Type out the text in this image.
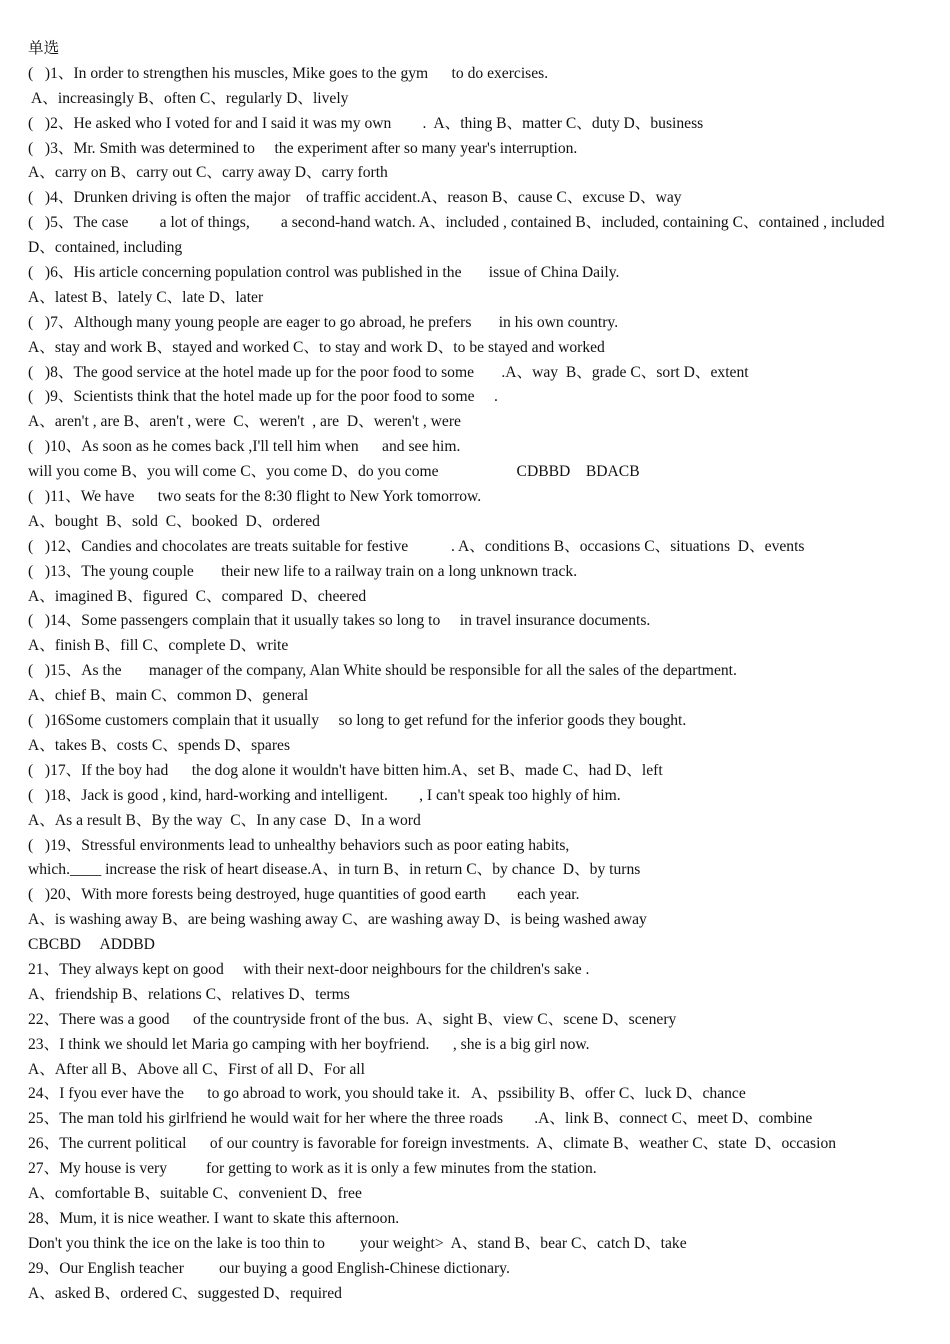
单选
(   )1、In order to strengthen his muscles, Mike goes to the gym      to do exercises.
A、increasingly B、often C、regularly D、lively
(   )2、He asked who I voted for and I said it was my own        .  A、thing B、matter C、duty D、business
(   )3、Mr. Smith was determined to     the experiment after so many year's interruption.
A、carry on B、carry out C、carry away D、carry forth
(   )4、Drunken driving is often the major    of traffic accident.A、reason B、cause C、excuse D、way
(   )5、The case        a lot of things,        a second-hand watch. A、included , contained B、included, containing C、contained , included
D、contained, including
(   )6、His article concerning population control was published in the       issue of China Daily.
A、latest B、lately C、late D、later
(   )7、Although many young people are eager to go abroad, he prefers       in his own country.
A、stay and work B、stayed and worked C、to stay and work D、to be stayed and worked
(   )8、The good service at the hotel made up for the poor food to some       .A、way  B、grade C、sort D、extent
(   )9、Scientists think that the hotel made up for the poor food to some     .
A、aren't , are B、aren't , were  C、weren't  , are  D、weren't , were
(   )10、As soon as he comes back ,I'll tell him when      and see him.
will you come B、you will come C、you come D、do you come                    CDBBD    BDACB
(   )11、We have      two seats for the 8:30 flight to New York tomorrow.
A、bought  B、sold  C、booked  D、ordered
(   )12、Candies and chocolates are treats suitable for festive           . A、conditions B、occasions C、situations  D、events
(   )13、The young couple       their new life to a railway train on a long unknown track.
A、imagined B、figured  C、compared  D、cheered
(   )14、Some passengers complain that it usually takes so long to     in travel insurance documents.
A、finish B、fill C、complete D、write
(   )15、As the       manager of the company, Alan White should be responsible for all the sales of the department.
A、chief B、main C、common D、general
(   )16Some customers complain that it usually     so long to get refund for the inferior goods they bought.
A、takes B、costs C、spends D、spares
(   )17、If the boy had      the dog alone it wouldn't have bitten him.A、set B、made C、had D、left
(   )18、Jack is good , kind, hard-working and intelligent.        , I can't speak too highly of him.
A、As a result B、By the way  C、In any case  D、In a word
(   )19、Stressful environments lead to unhealthy behaviors such as poor eating habits,
which.____ increase the risk of heart disease.A、in turn B、in return C、by chance  D、by turns
(   )20、With more forests being destroyed, huge quantities of good earth        each year.
A、is washing away B、are being washing away C、are washing away D、is being washed away
CBCBD     ADDBD
21、They always kept on good     with their next-door neighbours for the children's sake .
A、friendship B、relations C、relatives D、terms
22、There was a good      of the countryside front of the bus.  A、sight B、view C、scene D、scenery
23、I think we should let Maria go camping with her boyfriend.      , she is a big girl now.
A、After all B、Above all C、First of all D、For all
24、I fyou ever have the      to go abroad to work, you should take it.   A、pssibility B、offer C、luck D、chance
25、The man told his girlfriend he would wait for her where the three roads        .A、link B、connect C、meet D、combine
26、The current political      of our country is favorable for foreign investments.  A、climate B、weather C、state  D、occasion
27、My house is very          for getting to work as it is only a few minutes from the station.
A、comfortable B、suitable C、convenient D、free
28、Mum, it is nice weather. I want to skate this afternoon.
Don't you think the ice on the lake is too thin to         your weight>  A、stand B、bear C、catch D、take
29、Our English teacher         our buying a good English-Chinese dictionary.
A、asked B、ordered C、suggested D、required
